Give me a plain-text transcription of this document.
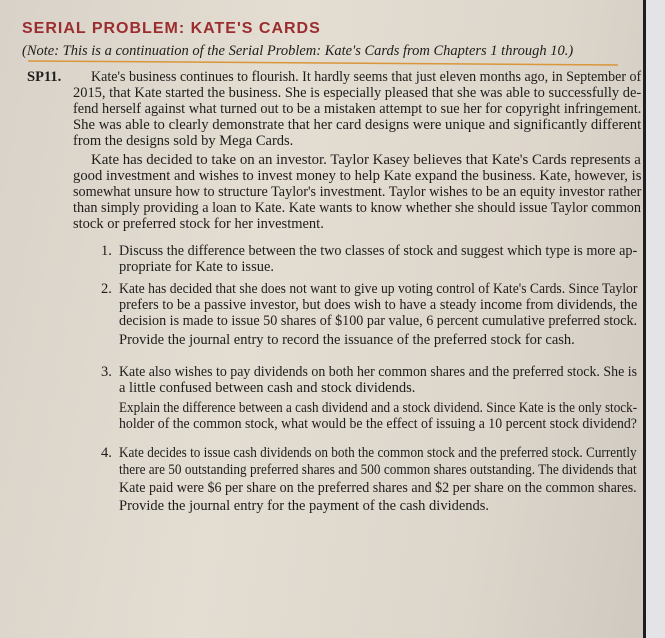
SERIAL PROBLEM: KATE'S CARDS
(Note: This is a continuation of the Serial Problem: Kate's Cards from Chapters 1 through 10.)
SP11. Kate's business continues to flourish. It hardly seems that just eleven months ago, in September of
2015, that Kate started the business. She is especially pleased that she was able to successfully de-
fend herself against what turned out to be a mistaken attempt to sue her for copyright infringement.
She was able to clearly demonstrate that her card designs were unique and significantly different
from the designs sold by Mega Cards.
Kate has decided to take on an investor. Taylor Kasey believes that Kate's Cards represents a
good investment and wishes to invest money to help Kate expand the business. Kate, however, is
somewhat unsure how to structure Taylor's investment. Taylor wishes to be an equity investor rather
than simply providing a loan to Kate. Kate wants to know whether she should issue Taylor common
stock or preferred stock for her investment.
1. Discuss the difference between the two classes of stock and suggest which type is more ap-
propriate for Kate to issue.
2. Kate has decided that she does not want to give up voting control of Kate's Cards. Since Taylor
prefers to be a passive investor, but does wish to have a steady income from dividends, the
decision is made to issue 50 shares of $100 par value, 6 percent cumulative preferred stock.
Provide the journal entry to record the issuance of the preferred stock for cash.
3. Kate also wishes to pay dividends on both her common shares and the preferred stock. She is
a little confused between cash and stock dividends.
Explain the difference between a cash dividend and a stock dividend. Since Kate is the only stock-
holder of the common stock, what would be the effect of issuing a 10 percent stock dividend?
4. Kate decides to issue cash dividends on both the common stock and the preferred stock. Currently
there are 50 outstanding preferred shares and 500 common shares outstanding. The dividends that
Kate paid were $6 per share on the preferred shares and $2 per share on the common shares.
Provide the journal entry for the payment of the cash dividends.
